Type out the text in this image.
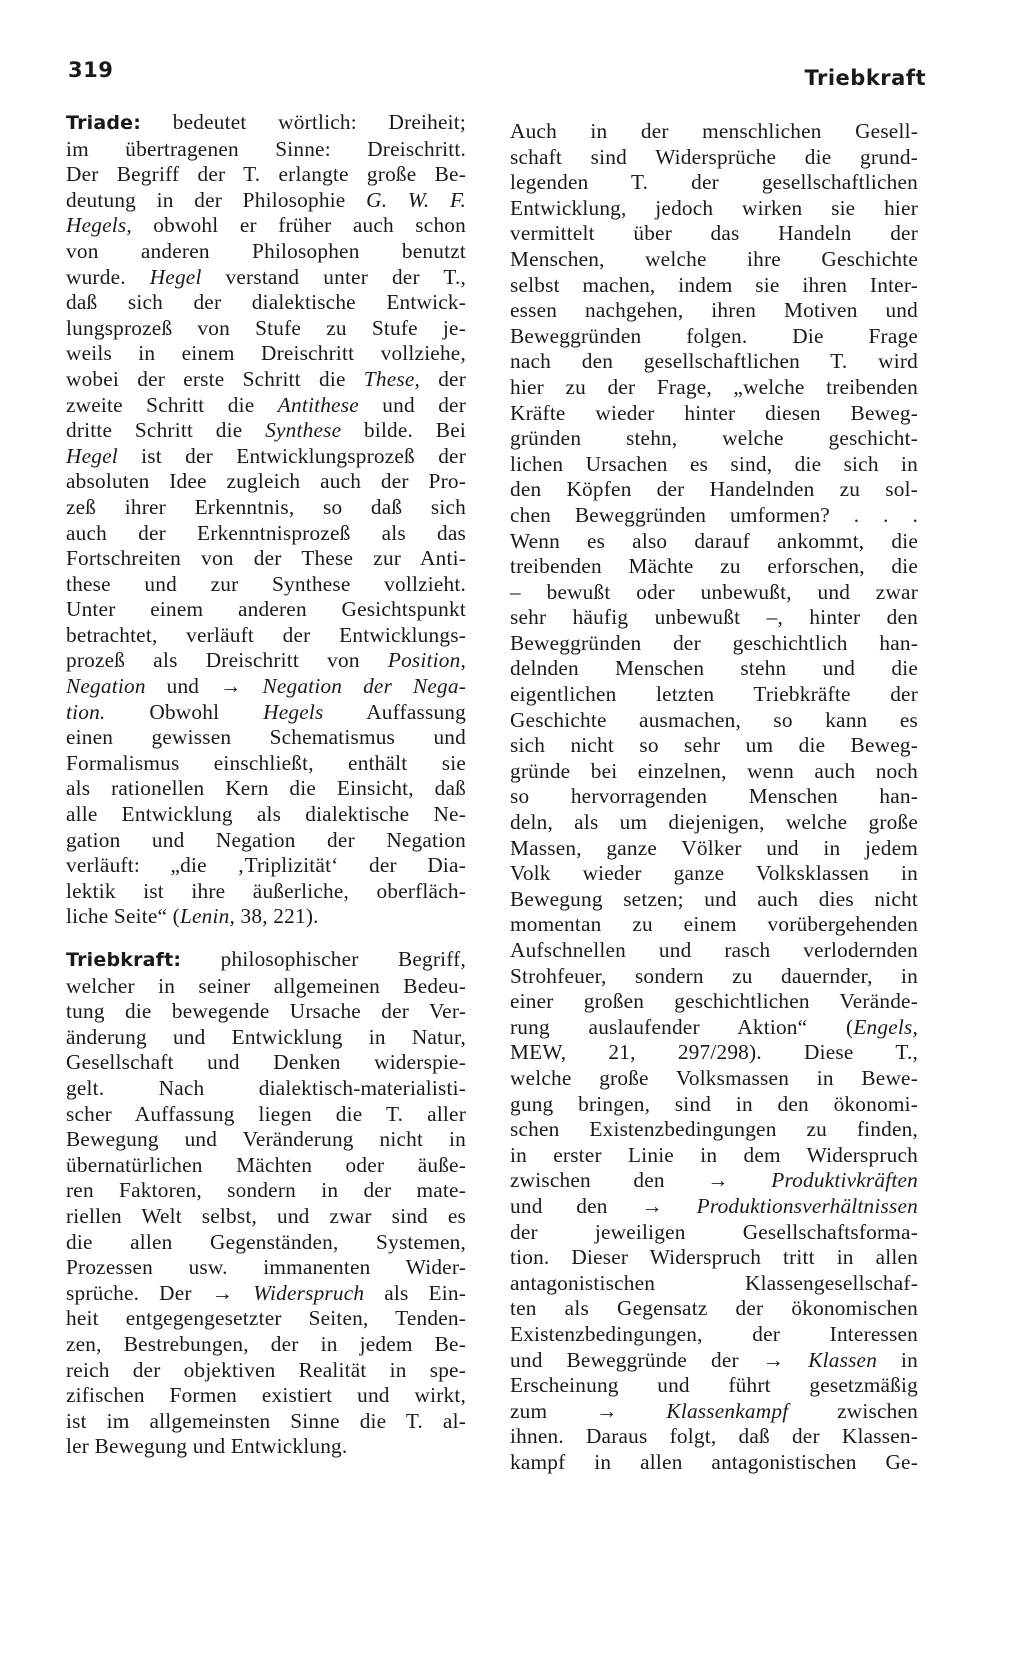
319	Triebkraft
Triade: bedeutet wörtlich: Dreiheit;
im übertragenen Sinne: Dreischritt.
Der Begriff der T. erlangte große Be-
deutung in der Philosophie G. W. F.
Hegels, obwohl er früher auch schon
von anderen Philosophen benutzt
wurde. Hegel verstand unter der T.,
daß sich der dialektische Entwick-
lungsprozeß von Stufe zu Stufe je-
weils in einem Dreischritt vollziehe,
wobei der erste Schritt die These, der
zweite Schritt die Antithese und der
dritte Schritt die Synthese bilde. Bei
Hegel ist der Entwicklungsprozeß der
absoluten Idee zugleich auch der Pro-
zeß ihrer Erkenntnis, so daß sich
auch der Erkenntnisprozeß als das
Fortschreiten von der These zur Anti-
these und zur Synthese vollzieht.
Unter einem anderen Gesichtspunkt
betrachtet, verläuft der Entwicklungs-
prozeß als Dreischritt von Position,
Negation und → Negation der Nega-
tion. Obwohl Hegels Auffassung
einen gewissen Schematismus und
Formalismus einschließt, enthält sie
als rationellen Kern die Einsicht, daß
alle Entwicklung als dialektische Ne-
gation und Negation der Negation
verläuft: „die ‚Triplizität‘ der Dia-
lektik ist ihre äußerliche, oberfläch-
liche Seite“ (Lenin, 38, 221).
Triebkraft: philosophischer Begriff,
welcher in seiner allgemeinen Bedeu-
tung die bewegende Ursache der Ver-
änderung und Entwicklung in Natur,
Gesellschaft und Denken widerspie-
gelt. Nach dialektisch-materialisti-
scher Auffassung liegen die T. aller
Bewegung und Veränderung nicht in
übernatürlichen Mächten oder äuße-
ren Faktoren, sondern in der mate-
riellen Welt selbst, und zwar sind es
die allen Gegenständen, Systemen,
Prozessen usw. immanenten Wider-
sprüche. Der → Widerspruch als Ein-
heit entgegengesetzter Seiten, Tenden-
zen, Bestrebungen, der in jedem Be-
reich der objektiven Realität in spe-
zifischen Formen existiert und wirkt,
ist im allgemeinsten Sinne die T. al-
ler Bewegung und Entwicklung.
Auch in der menschlichen Gesell-
schaft sind Widersprüche die grund-
legenden T. der gesellschaftlichen
Entwicklung, jedoch wirken sie hier
vermittelt über das Handeln der
Menschen, welche ihre Geschichte
selbst machen, indem sie ihren Inter-
essen nachgehen, ihren Motiven und
Beweggründen folgen. Die Frage
nach den gesellschaftlichen T. wird
hier zu der Frage, „welche treibenden
Kräfte wieder hinter diesen Beweg-
gründen stehn, welche geschicht-
lichen Ursachen es sind, die sich in
den Köpfen der Handelnden zu sol-
chen Beweggründen umformen? . . .
Wenn es also darauf ankommt, die
treibenden Mächte zu erforschen, die
– bewußt oder unbewußt, und zwar
sehr häufig unbewußt –, hinter den
Beweggründen der geschichtlich han-
delnden Menschen stehn und die
eigentlichen letzten Triebkräfte der
Geschichte ausmachen, so kann es
sich nicht so sehr um die Beweg-
gründe bei einzelnen, wenn auch noch
so hervorragenden Menschen han-
deln, als um diejenigen, welche große
Massen, ganze Völker und in jedem
Volk wieder ganze Volksklassen in
Bewegung setzen; und auch dies nicht
momentan zu einem vorübergehenden
Aufschnellen und rasch verlodernden
Strohfeuer, sondern zu dauernder, in
einer großen geschichtlichen Verände-
rung auslaufender Aktion“ (Engels,
MEW, 21, 297/298). Diese T.,
welche große Volksmassen in Bewe-
gung bringen, sind in den ökonomi-
schen Existenzbedingungen zu finden,
in erster Linie in dem Widerspruch
zwischen den → Produktivkräften
und den → Produktionsverhältnissen
der jeweiligen Gesellschaftsforma-
tion. Dieser Widerspruch tritt in allen
antagonistischen Klassengesellschaf-
ten als Gegensatz der ökonomischen
Existenzbedingungen, der Interessen
und Beweggründe der → Klassen in
Erscheinung und führt gesetzmäßig
zum → Klassenkampf zwischen
ihnen. Daraus folgt, daß der Klassen-
kampf in allen antagonistischen Ge-
